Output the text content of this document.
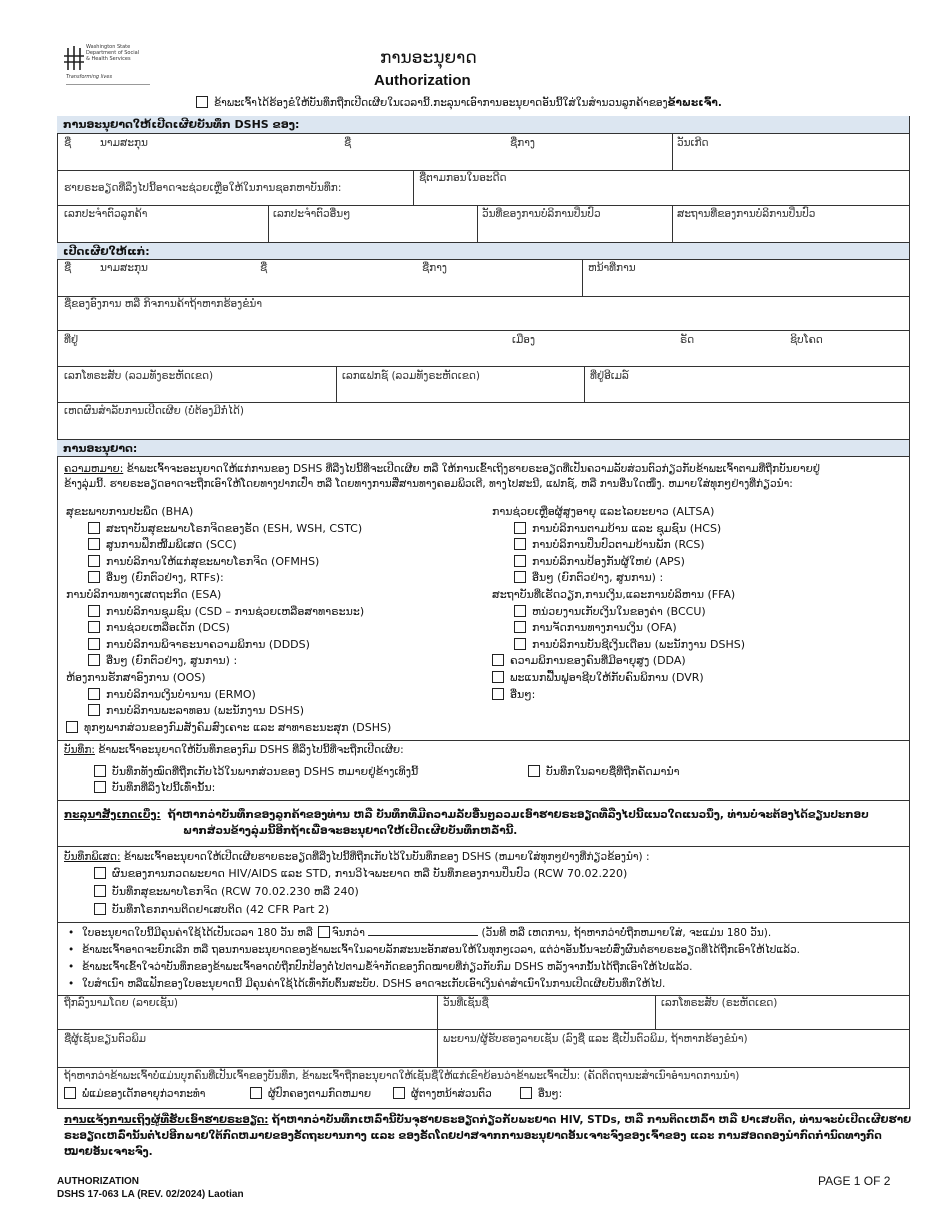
Washington State
Department of Social
& Health Services
Transforming lives
ການອະນຸຍາດ
Authorization
ຂ້າພະເຈົ້າໄດ້ຮ້ອງຂໍໃຫ້ບັນທຶກຖືກເປີດເຜີຍໃນເວລານີ້.ກະລຸນາເອົາການອະນຸຍາດອັນນີ້ໃສ່ໃນສຳນວນລູກຄ້າຂອງຂ້າພະເຈົ້າ.
ການອະນຸຍາດໃຫ້ເປີດເຜີຍບັນທຶກ DSHS ຂອງ:
ຊື່	ນາມສະກຸນ	ຊື່	ຊື່ກາງ	ວັນເກີດ
ຮາຍຣະອຽດທີ່ລຶງໄປນີ້ອາດຈະຊ່ວຍເຫຼືອໃຫ້ໃນການຊອກຫາບັນທຶກ:
ຊື່ຕາມກອນໃນອະດີດ
ເລກປະຈຳຕົວລູກຄ້າ	ເລກປະຈຳຕົວອື່ນໆ	ວັນທີ່ຂອງການບໍລິການປິ່ນປົວ	ສະຖານທີ່ຂອງການບໍລິການປິ່ນປົວ
ເປີດເຜີຍໃຫ້ແກ່:
ຊື່	ນາມສະກຸນ	ຊື່	ຊື່ກາງ	ຫນ້າທີ່ການ
ຊື່ຂອງອົງການ ຫລື ກິຈການຄ້າຖ້າຫາກຮ້ອງຂໍນຳ
ທີ່ຢູ່	ເມືອງ	ຣັດ	ຊິບໂຄດ
ເລກໂທຣະສັບ (ລວມທັງຣະຫັດເຂດ)	ເລກແຟກຊ໌ (ລວມທັງຣະຫັດເຂດ)	ທີ່ຢູ່ອີເມລ໌
ເຫດຜົນສຳລັບການເປີດເຜີຍ (ບໍ່ຕ້ອງມີກໍ່ໄດ້)
ການອະນຸຍາດ:
ຄວາມຫມາຍ: ຂ້າພະເຈົ້າຈະອະນຸຍາດໃຫ້ແກ່ການຂອງ DSHS ທີ່ລືງໄປນີ້ທີ່ຈະເປີດເຜີຍ ຫລື ໃຫ້ການເຂົ້າເຖິງຮາຍຣະອຽດທີ່ເປັນຄວາມລັບສ່ວນຕົວກ່ຽວກັບຂ້າພະເຈົ້າຕາມທີ່ຖືກບັນຍາຍຢູ່
ຂ້າງລຸ່ມນີ້. ຮາຍຣະອຽດອາດຈະຖືກເອົາໃຫ້ໂດຍທາງປາກເປົ່າ ຫລື ໂດຍທາງການສື່ສານທາງຄອມພິວເຕີ, ທາງໄປສະນີ, ແຟກຊ໌, ຫລື ການອື່ນໃດໜຶ່ງ. ຫມາຍໃສ່ທຸກໆຢ່າງທີ່ກ່ຽວນຳ:
ສຸຂະພາບການປະພຶດ (BHA)
ສະຖາບັນສຸຂະພາບໂຣກຈິດຂອງຣັດ (ESH, WSH, CSTC)
ສູນການຟຶກໜ້ີມພິເສດ (SCC)
ການບໍລິການໃຫ້ແກ່ສຸຂະພາບໂຣກຈິດ (OFMHS)
ອື່ນໆ (ຍົກຕົວຢ່າງ, RTFs):
ການບໍລິການທາງເສດຖະກິດ (ESA)
ການບໍລິການຊຸມຊົນ (CSD – ການຊ່ວຍເຫລືອສາທາຣະນະ)
ການຊ່ວຍເຫລືອເດັກ (DCS)
ການບໍລິການພິຈາຣະນາຄວາມພິການ (DDDS)
ອື່ນໆ (ຍົກຕົວຢ່າງ, ສູນການ) :
ຫ້ອງການຮັກສາອົງການ (OOS)
ການບໍລິການເງິນບຳນານ (ERMO)
ການບໍລິການພະລາທອນ (ພະນັກງານ DSHS)
ທຸກໆພາກສ່ວນຂອງກົມສັງຄົມສົງເຄາະ ແລະ ສາທາຣະນະສຸກ (DSHS)
ການຊ່ວຍເຫຼືອຜູ້ສູງອາຍຸ ແລະໄລຍະຍາວ (ALTSA)
ການບໍລິການຕາມບ້ານ ແລະ ຊຸມຊົນ (HCS)
ການບໍລິການປິ່ນປົວຕາມບ້ານພັກ (RCS)
ການບໍລິການປ້ອງກັນຜູ້ໃຫຍ່ (APS)
ອື່ນໆ (ຍົກຕົວຢ່າງ, ສູນການ) :
ສະຖາບັນທີ່ເຮັດວຽກ,ການເງິນ,ແລະການບໍລິຫານ (FFA)
ຫນ່ວຍງານເກັບເງິນໃນຂອງຄ່າ (BCCU)
ການຈັດການທາງການເງິນ (OFA)
ການບໍລິການບັນຊີເງິນເດືອນ (ພະນັກງານ DSHS)
ຄວາມພິການຂອງຄົນທີ່ມີອາຍຸສູງ (DDA)
ພະແນກຟື້ນຟູອາຊີບໃຫ້ກັບຄົນພິການ (DVR)
ອື່ນໆ:
ບັນທຶກ: ຂ້າພະເຈົ້າອະນຸຍາດໃຫ້ບັນທຶກຂອງກົມ DSHS ທີ່ລຶງໄປນີ້ທີ່ຈະຖືກເປີດເຜີຍ:
ບັນທຶກທັງໝົດທີ່ຖືກເກັບໄວ້ໃນພາກສ່ວນຂອງ DSHS ຫມາຍຢູ່ຂ້າງເທິງນີ້
ບັນທຶກທີ່ລຶງໄປນີ້ເທົ່ານັ້ນ:
ບັນທຶກໃນລາຍຊື່ທີ່ຖືກຄັດມານຳ
ກະລຸນາສັງເກດເບິ່ງ: ຖ້າຫາກວ່າບັນທຶກຂອງລູກຄ້າຂອງທ່ານ ຫລື ບັນທຶກທີ່ມີຄວາມລັບອື່ນໆລວມເອົາຮາຍຣະອຽດທີ່ລືງໄປນີ້ແນວໃດແນວນຶ່ງ, ທ່ານບໍ່ຈະຕ້ອງໄດ້ຂຽນປະກອບ
ພາກສ່ວນຂ້າງລຸ່ມນີ້ອີກຖ້າເພື່ອຈະອະນຸຍາດໃຫ້ເປີດເຜີຍບັນທຶກຫລັ່ານີ້.
ບັນທຶກພິເສດ: ຂ້າພະເຈົ້າອະນຸຍາດໃຫ້ເປີດເຜີຍຮາຍຣະອຽດທີ່ລືງໄປນີ້ທີ່ຖືກເກັບໄວ້ໃນບັນທຶກຂອງ DSHS (ຫມາຍໃສ່ທຸກໆຢ່າງທີ່ກ່ຽວຂ້ອງນຳ) :
ຜົນຂອງການກວດພະຍາດ HIV/AIDS ແລະ STD, ການວິໄຈພະຍາດ ຫລື ບັນທຶກຂອງການປິ່ນປົວ (RCW 70.02.220)
ບັນທຶກສຸຂະພາບໂຣກຈິດ (RCW 70.02.230 ຫລື 240)
ບັນທຶກໂຣກການຕິດຢາເສບຕິດ (42 CFR Part 2)
• ໃບອະນຸຍາດໃບນີ້ມີຄຸນຄ່າໃຊ້ໄດ້ເປັນເວລາ 180 ວັນ ຫລື ຈົນກວ່າ	(ວັນທີ ຫລື ເຫດການ, ຖ້າຫາກວ່າບໍ່ຖືກຫມາຍໃສ່, ຈະແມ່ນ 180 ວັນ).
• ຂ້າພະເຈົ້າອາດຈະຍົກເລີກ ຫລື ຖອນການອະນຸຍາດຂອງຂ້າພະເຈົ້າໃນລາຍລັກສະນະອັກສອນໃຫ້ໃນທຸກໆເວລາ, ແຕ່ວ່າອັນນັ້ນຈະບໍ່ສົ່ງຜົນຕໍ່ຮາຍຣະອຽດທີ່ໄດ້ຖືກເອົາໃຫ້ໄປແລ້ວ.
• ຂ້າພະເຈົ້າເຂົ້າໃຈວ່າບັນທຶກຂອງຂ້າພະເຈົ້າອາດບໍ່ຖືກປົກປ້ອງຕໍ່ໄປຕາມຂໍ້ຈຳກັດຂອງກົດໝາຍທີ່ກ່ຽວກັບກົມ DSHS ຫລັງຈາກນັ້ນໄດ້ຖືກເອົາໃຫ້ໄປແລ້ວ.
• ໃບສຳເນົາ ຫລືແຟັກຂອງໃບອະນຸຍາດນີ້ ມີຄຸນຄ່າໃຊ້ໄດ້ເທົ່າກັບຕົ້ນສະບັບ. DSHS ອາດຈະເກັບເອົາເງິນຄ່າສຳເນົາໃນການເປີດເຜີຍບັນທຶກໃຫ້ໄປ.
ຖືກລົງນາມໂດຍ (ລາຍເຊັນ)	ວັນທີ່ເຊັນຊື່	ເລກໂທຣະສັບ (ຣະຫັດເຂດ)
ຊື່ຜູ້ເຊັນຂຽນຕົວພິມ	ພະຍານ/ຜູ້ຮັບຮອງລາຍເຊັນ (ລົງຊື່ ແລະ ຊື່ເປັນຕົວພິມ, ຖ້າຫາກຮ້ອງຂໍນຳ)
ຖ້າຫາກວ່າຂ້າພະເຈົ້າບໍ່ແມ່ນບຸກຄົນທີ່ເປັນເຈົ້າຂອງບັນທຶກ, ຂ້າພະເຈົ້າຖືກອະນຸຍາດໃຫ້ເຊັນຊື່ໃຫ້ແກ່ເຂົາຍ້ອນວ່າຂ້າພະເຈົ້າເປັນ: (ຄັດຕິດຖານະສຳເນົາອຳນາດການນຳ)
ພໍ່ແມ່ຂອງເດັກອາຍຸກ່ວາກະທຳ	ຜູ້ປົກຄອງຕາມກົດຫມາຍ	ຜູ້ຕາງຫນ້າສ່ວນຕົວ	ອື່ນໆ:
ການແຈ້ງການເຖິງຜູ້ທີ່ຮັບເອົາຮາຍຣະອຽດ: ຖ້າຫາກວ່າບັນທຶກເຫລົ່ານີ້ບັນຈຸຮາຍຣະອຽດກ່ຽວກັບພະຍາດ HIV, STDs, ຫລື ການຕິດເຫລົ້າ ຫລື ຢາເສບຕິດ, ທ່ານຈະບໍ່ເປີດເຜີຍຮາຍ
ຣະອຽດເຫລົ່ານັ້ນຕໍ່ໄປອີກພາຍໃຕ້ກົດຫມາຍຂອງຣັດຖະບານກາງ ແລະ ຂອງຣັດໂດຍປາສຈາກການອະນຸຍາດອັນເຈາະຈົງຂອງເຈົ້າຂອງ ແລະ ການສອດຄອງນຳກົດກຳນົດທາງກົດ
ໝາຍອັນເຈາະຈົງ.
AUTHORIZATION
DSHS 17-063 LA (REV. 02/2024) Laotian
PAGE 1 OF 2
